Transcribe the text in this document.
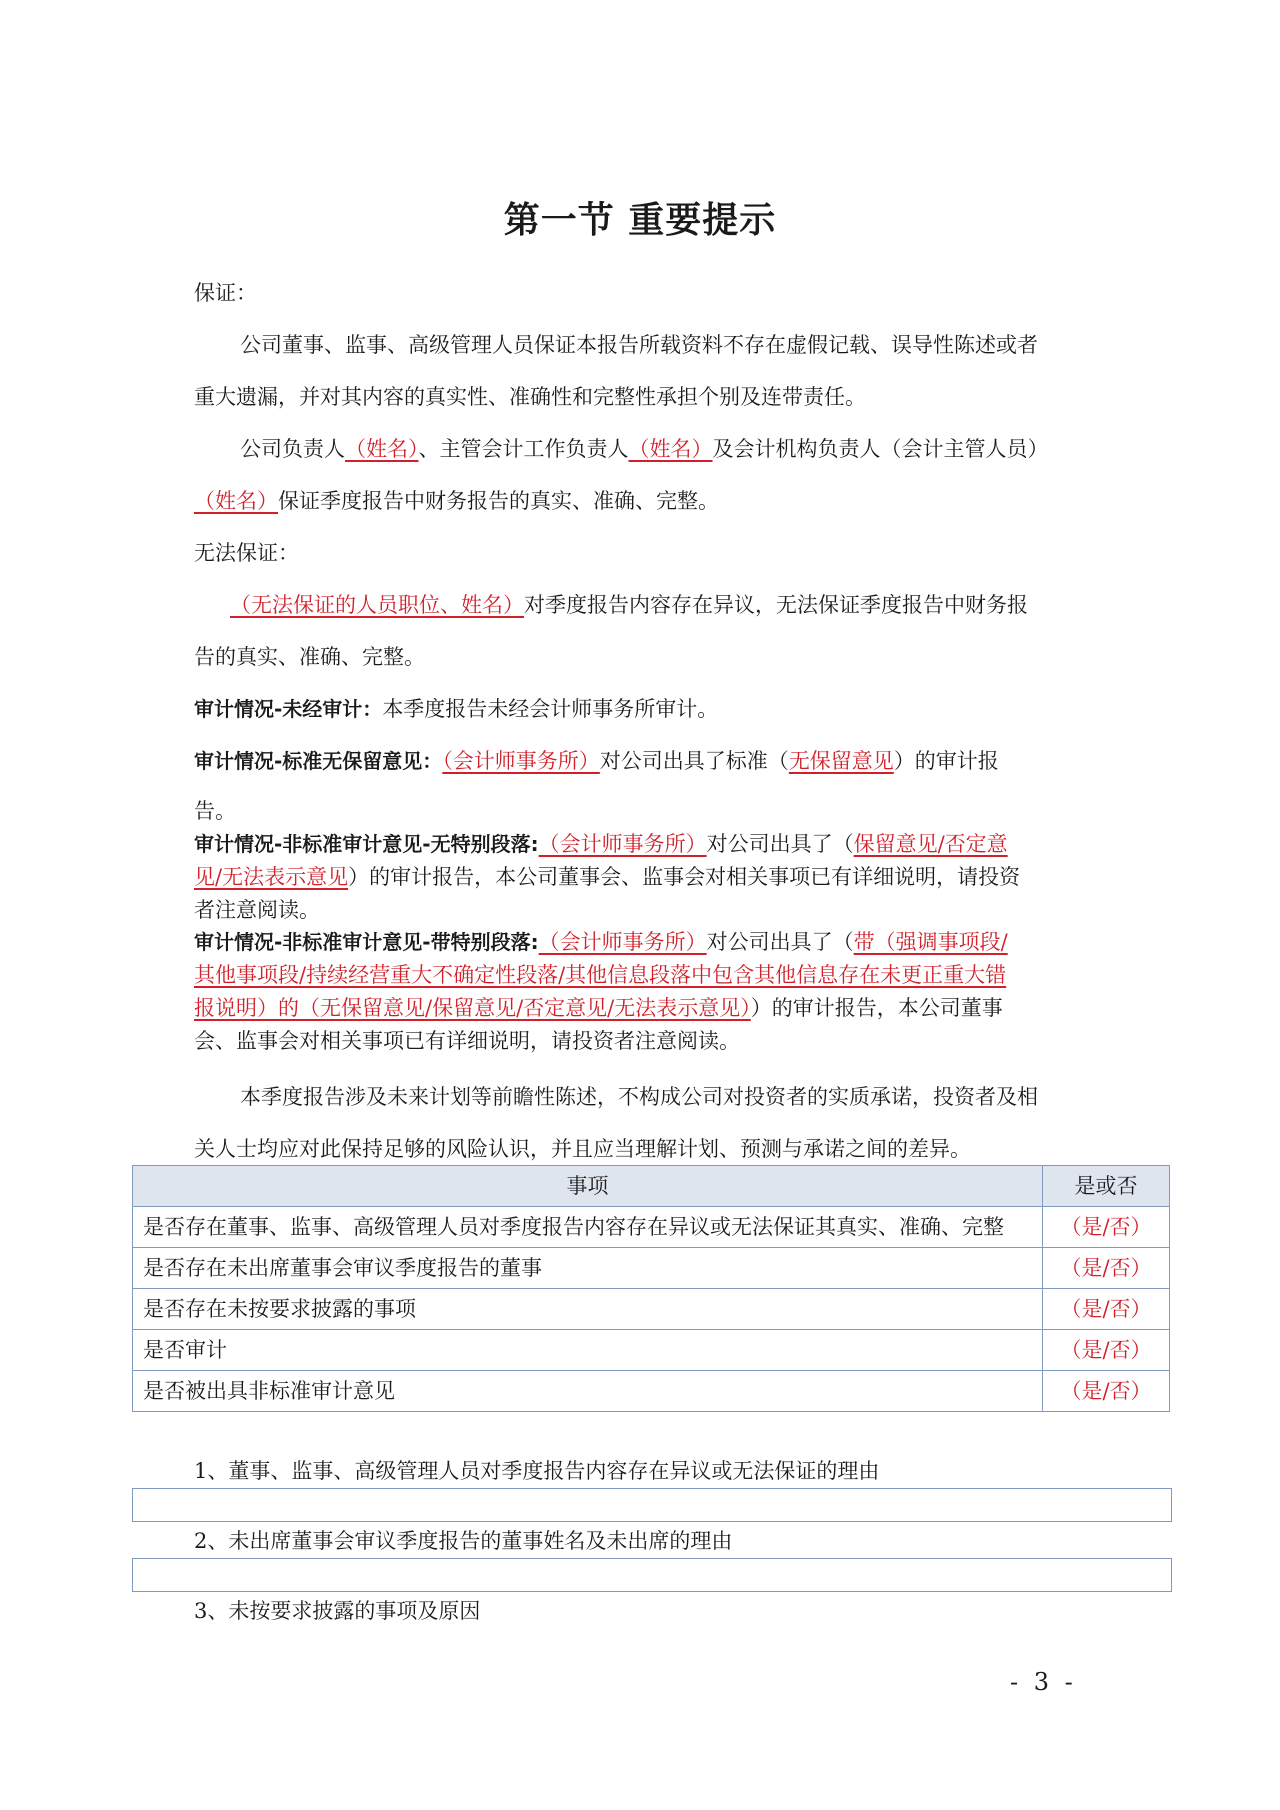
第一节 重要提示
保证：
公司董事、监事、高级管理人员保证本报告所载资料不存在虚假记载、误导性陈述或者
重大遗漏，并对其内容的真实性、准确性和完整性承担个别及连带责任。
公司负责人（姓名）、主管会计工作负责人（姓名）及会计机构负责人（会计主管人员）
（姓名）保证季度报告中财务报告的真实、准确、完整。
无法保证：
（无法保证的人员职位、姓名）对季度报告内容存在异议，无法保证季度报告中财务报
告的真实、准确、完整。
审计情况-未经审计：本季度报告未经会计师事务所审计。
审计情况-标准无保留意见：（会计师事务所）对公司出具了标准（无保留意见）的审计报
告。
审计情况-非标准审计意见-无特别段落:（会计师事务所）对公司出具了（保留意见/否定意
见/无法表示意见）的审计报告，本公司董事会、监事会对相关事项已有详细说明，请投资
者注意阅读。
审计情况-非标准审计意见-带特别段落:（会计师事务所）对公司出具了（带（强调事项段/
其他事项段/持续经营重大不确定性段落/其他信息段落中包含其他信息存在未更正重大错
报说明）的（无保留意见/保留意见/否定意见/无法表示意见））的审计报告，本公司董事
会、监事会对相关事项已有详细说明，请投资者注意阅读。
本季度报告涉及未来计划等前瞻性陈述，不构成公司对投资者的实质承诺，投资者及相
关人士均应对此保持足够的风险认识，并且应当理解计划、预测与承诺之间的差异。
事项	是或否
是否存在董事、监事、高级管理人员对季度报告内容存在异议或无法保证其真实、准确、完整	（是/否）
是否存在未出席董事会审议季度报告的董事	（是/否）
是否存在未按要求披露的事项	（是/否）
是否审计	（是/否）
是否被出具非标准审计意见	（是/否）
1、董事、监事、高级管理人员对季度报告内容存在异议或无法保证的理由
2、未出席董事会审议季度报告的董事姓名及未出席的理由
3、未按要求披露的事项及原因
- 3 -
